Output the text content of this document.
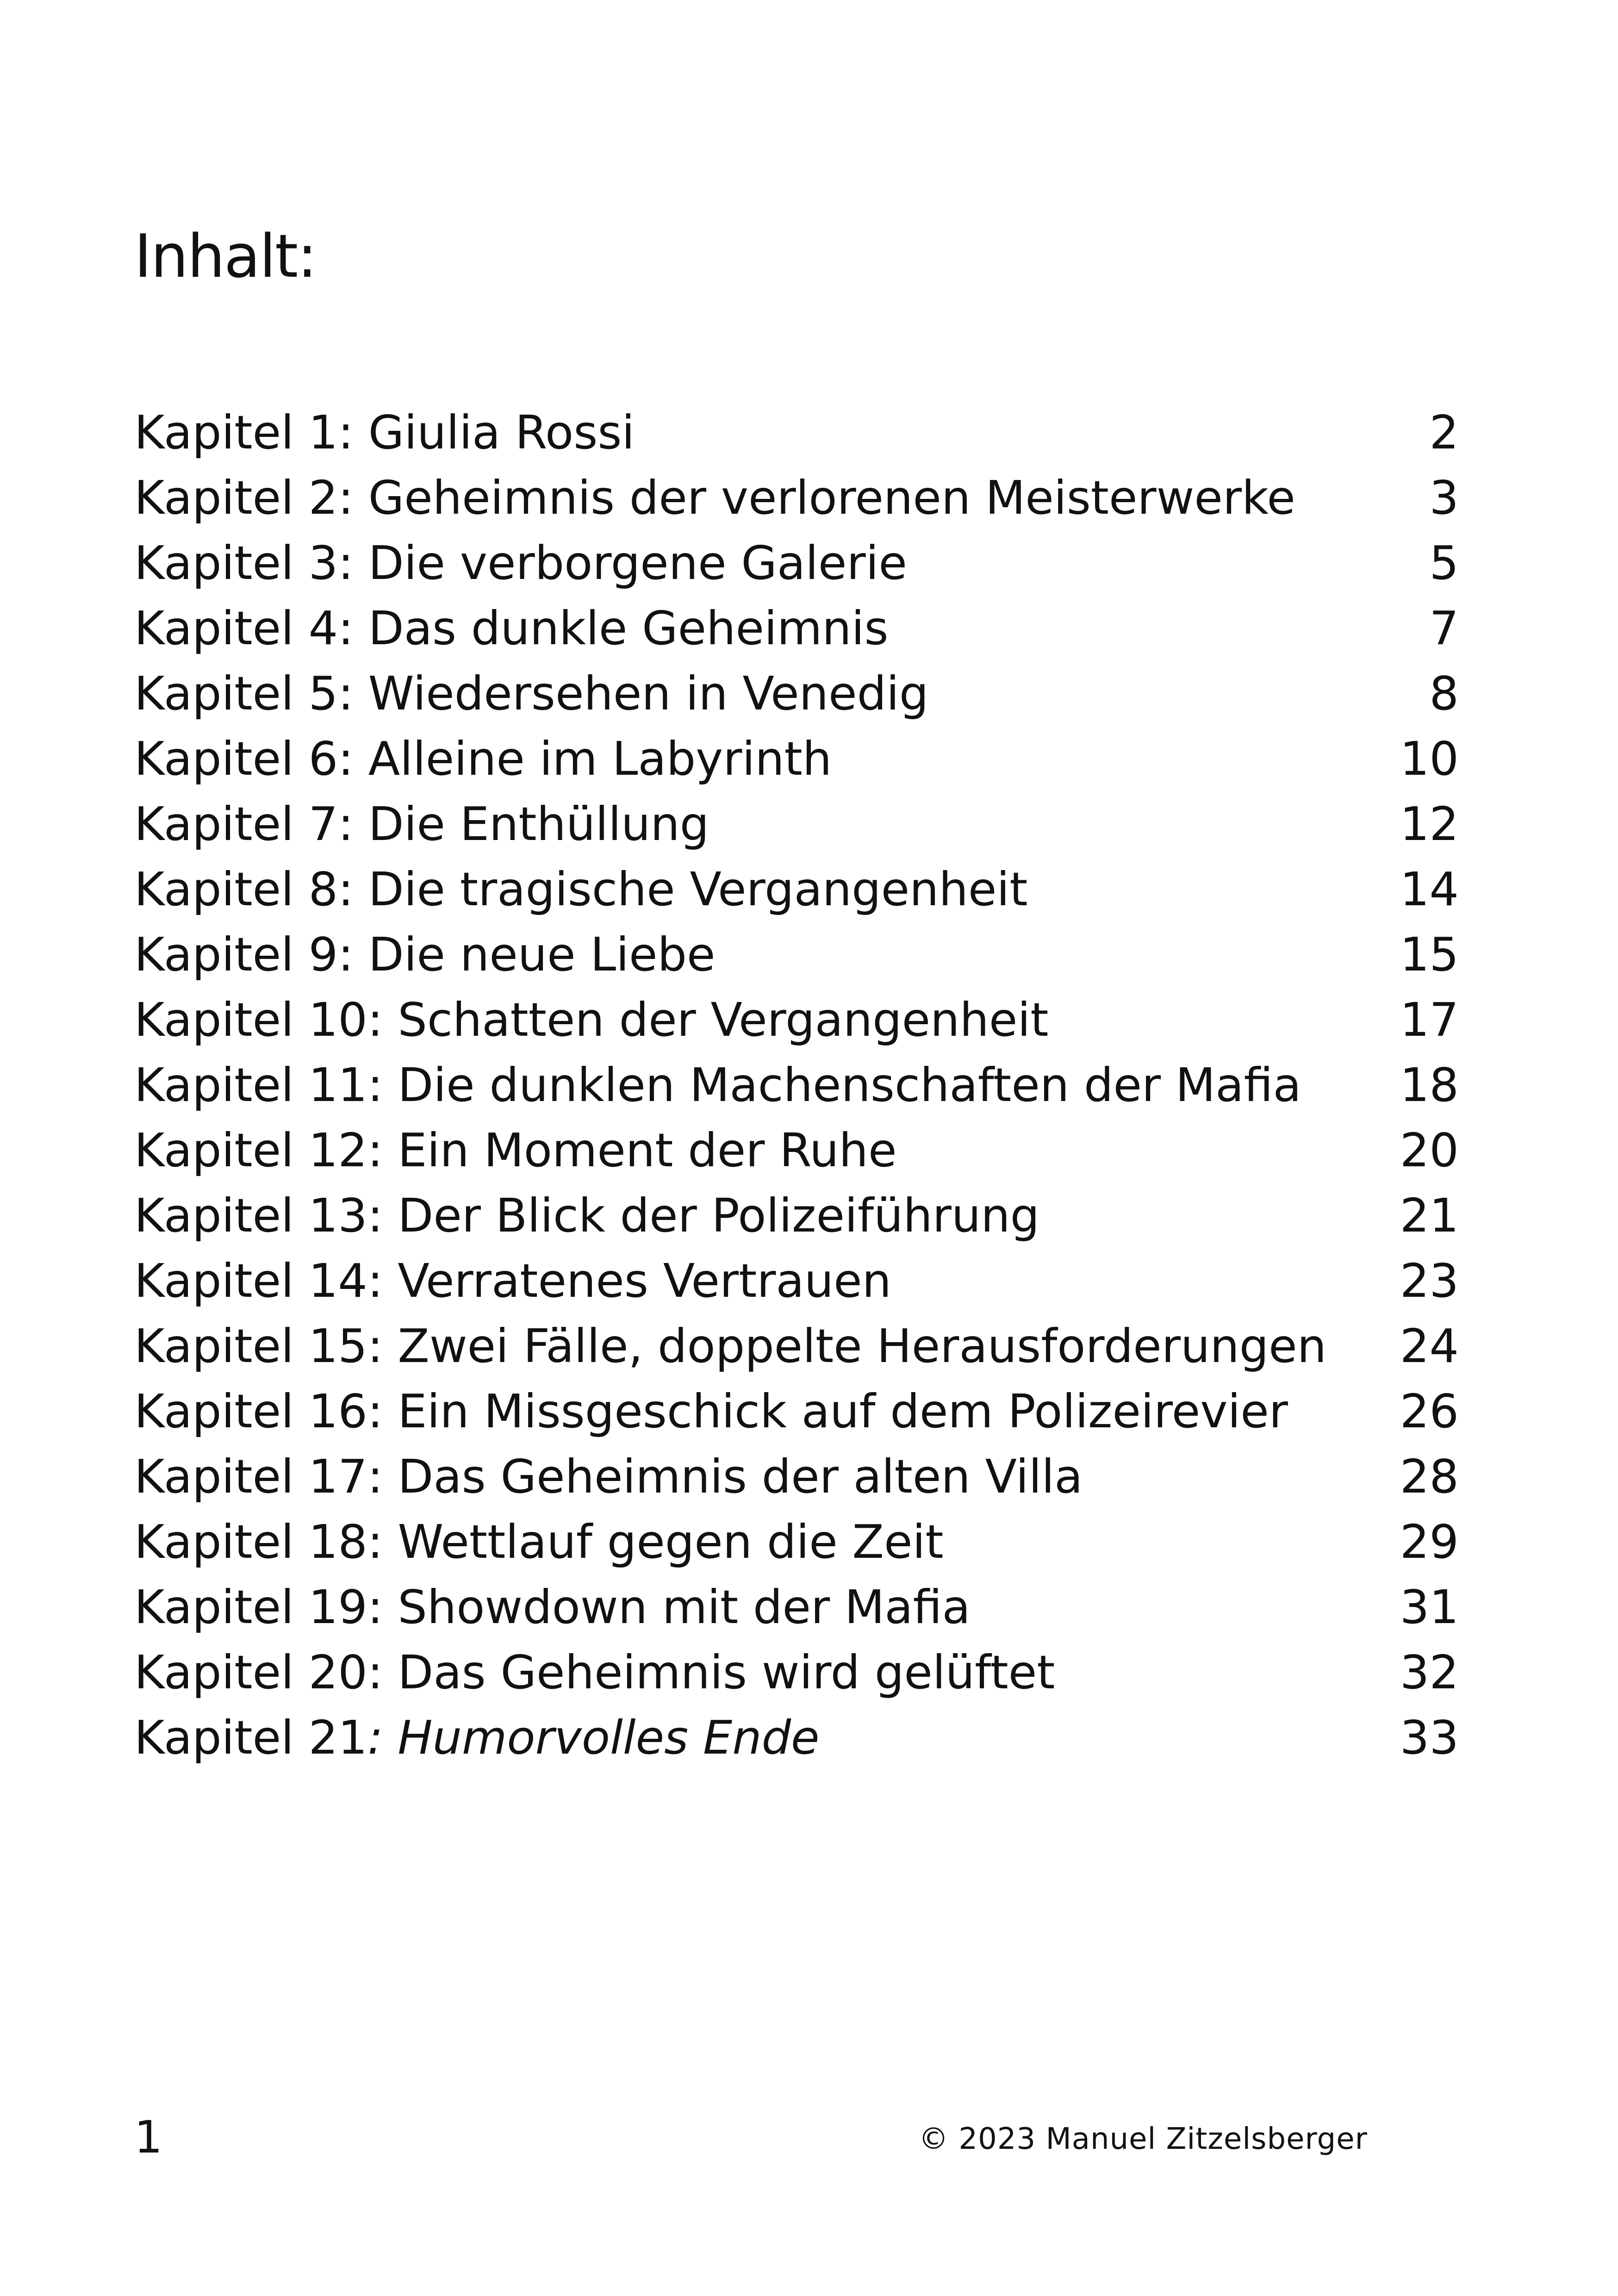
Inhalt:
Kapitel 1: Giulia Rossi	2
Kapitel 2: Geheimnis der verlorenen Meisterwerke	3
Kapitel 3: Die verborgene Galerie	5
Kapitel 4: Das dunkle Geheimnis	7
Kapitel 5: Wiedersehen in Venedig	8
Kapitel 6: Alleine im Labyrinth	10
Kapitel 7: Die Enthüllung	12
Kapitel 8: Die tragische Vergangenheit	14
Kapitel 9: Die neue Liebe	15
Kapitel 10: Schatten der Vergangenheit	17
Kapitel 11: Die dunklen Machenschaften der Mafia 18
Kapitel 12: Ein Moment der Ruhe	20
Kapitel 13: Der Blick der Polizeiführung	21
Kapitel 14: Verratenes Vertrauen	23
Kapitel 15: Zwei Fälle, doppelte Herausforderungen 24
Kapitel 16: Ein Missgeschick auf dem Polizeirevier 26
Kapitel 17: Das Geheimnis der alten Villa	28
Kapitel 18: Wettlauf gegen die Zeit	29
Kapitel 19: Showdown mit der Mafia	31
Kapitel 20: Das Geheimnis wird gelüftet	32
Kapitel 21: Humorvolles Ende	33
1	© 2023 Manuel Zitzelsberger
